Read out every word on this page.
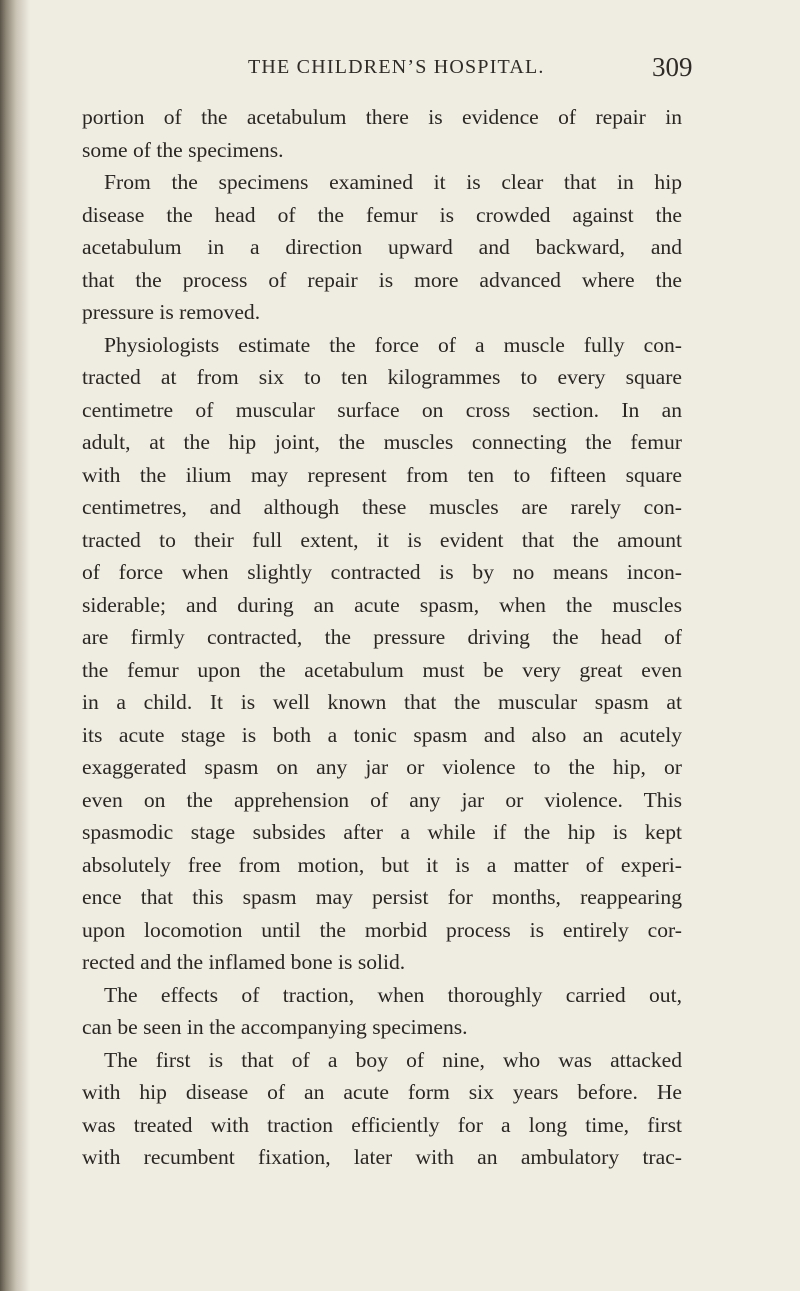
THE CHILDREN’S HOSPITAL.	309
portion of the acetabulum there is evidence of repair in
some of the specimens.
From the specimens examined it is clear that in hip
disease the head of the femur is crowded against the
acetabulum in a direction upward and backward, and
that the process of repair is more advanced where the
pressure is removed.
Physiologists estimate the force of a muscle fully con-
tracted at from six to ten kilogrammes to every square
centimetre of muscular surface on cross section. In an
adult, at the hip joint, the muscles connecting the femur
with the ilium may represent from ten to fifteen square
centimetres, and although these muscles are rarely con-
tracted to their full extent, it is evident that the amount
of force when slightly contracted is by no means incon-
siderable; and during an acute spasm, when the muscles
are firmly contracted, the pressure driving the head of
the femur upon the acetabulum must be very great even
in a child. It is well known that the muscular spasm at
its acute stage is both a tonic spasm and also an acutely
exaggerated spasm on any jar or violence to the hip, or
even on the apprehension of any jar or violence. This
spasmodic stage subsides after a while if the hip is kept
absolutely free from motion, but it is a matter of experi-
ence that this spasm may persist for months, reappearing
upon locomotion until the morbid process is entirely cor-
rected and the inflamed bone is solid.
The effects of traction, when thoroughly carried out,
can be seen in the accompanying specimens.
The first is that of a boy of nine, who was attacked
with hip disease of an acute form six years before. He
was treated with traction efficiently for a long time, first
with recumbent fixation, later with an ambulatory trac-
